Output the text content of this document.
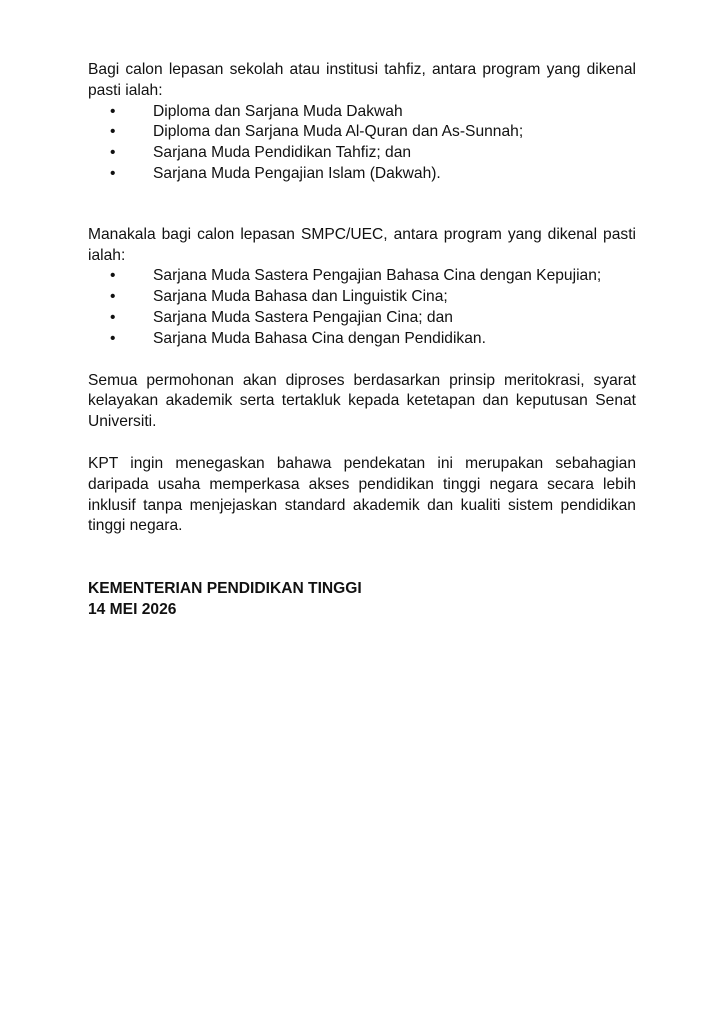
Bagi calon lepasan sekolah atau institusi tahfiz, antara program yang dikenal pasti ialah:

• Diploma dan Sarjana Muda Dakwah
• Diploma dan Sarjana Muda Al-Quran dan As-Sunnah;
• Sarjana Muda Pendidikan Tahfiz; dan
• Sarjana Muda Pengajian Islam (Dakwah).

Manakala bagi calon lepasan SMPC/UEC, antara program yang dikenal pasti ialah:

• Sarjana Muda Sastera Pengajian Bahasa Cina dengan Kepujian;
• Sarjana Muda Bahasa dan Linguistik Cina;
• Sarjana Muda Sastera Pengajian Cina; dan
• Sarjana Muda Bahasa Cina dengan Pendidikan.

Semua permohonan akan diproses berdasarkan prinsip meritokrasi, syarat kelayakan akademik serta tertakluk kepada ketetapan dan keputusan Senat Universiti.

KPT ingin menegaskan bahawa pendekatan ini merupakan sebahagian daripada usaha memperkasa akses pendidikan tinggi negara secara lebih inklusif tanpa menjejaskan standard akademik dan kualiti sistem pendidikan tinggi negara.

KEMENTERIAN PENDIDIKAN TINGGI
14 MEI 2026
